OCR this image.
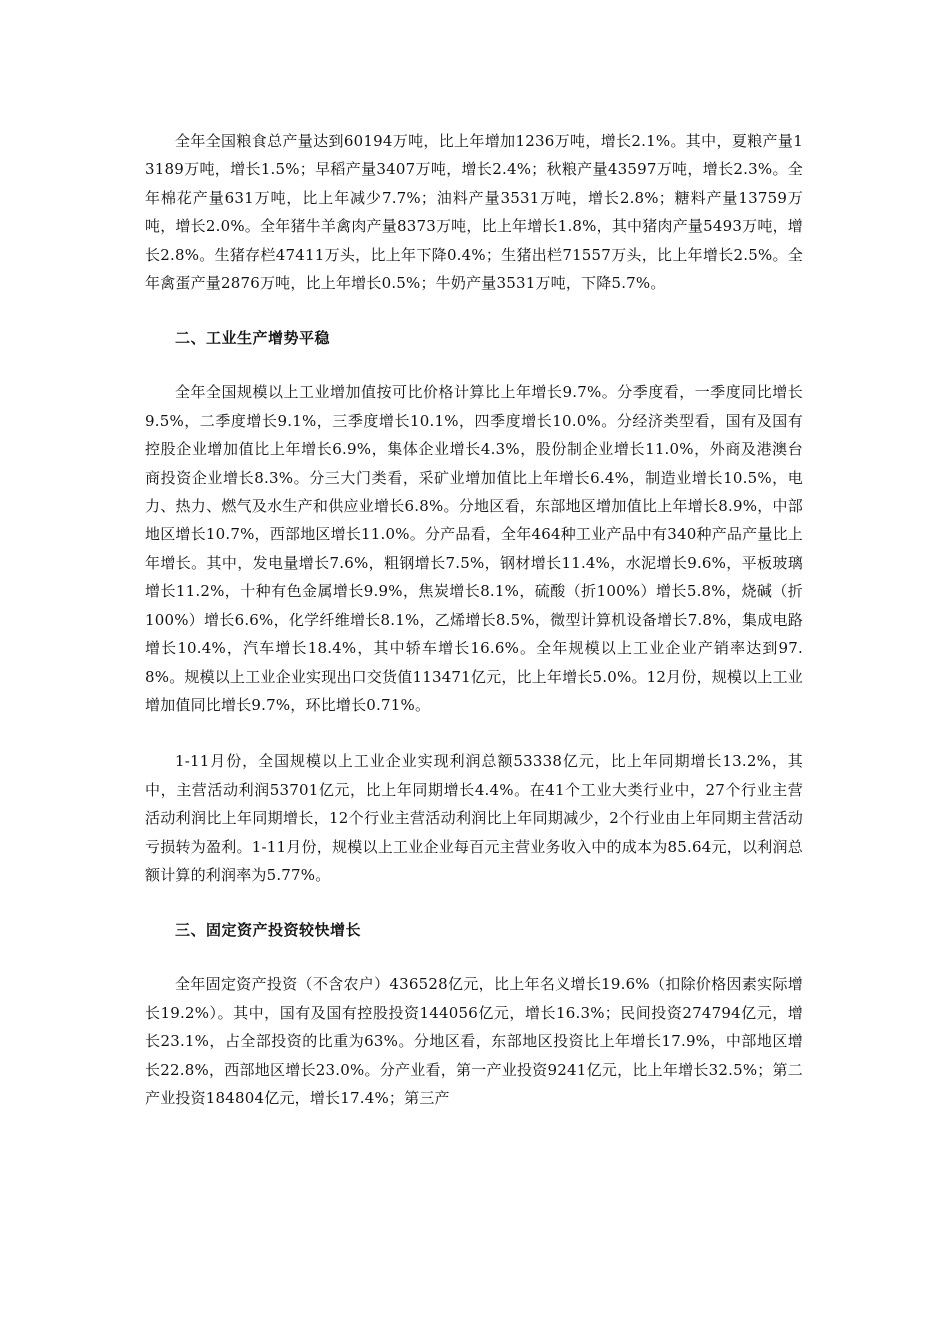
全年全国粮食总产量达到60194万吨，比上年增加1236万吨，增长2.1%。其中，夏粮产量13189万吨，增长1.5%；早稻产量3407万吨，增长2.4%；秋粮产量43597万吨，增长2.3%。全年棉花产量631万吨，比上年减少7.7%；油料产量3531万吨，增长2.8%；糖料产量13759万吨，增长2.0%。全年猪牛羊禽肉产量8373万吨，比上年增长1.8%，其中猪肉产量5493万吨，增长2.8%。生猪存栏47411万头，比上年下降0.4%；生猪出栏71557万头，比上年增长2.5%。全年禽蛋产量2876万吨，比上年增长0.5%；牛奶产量3531万吨，下降5.7%。

二、工业生产增势平稳

全年全国规模以上工业增加值按可比价格计算比上年增长9.7%。分季度看，一季度同比增长9.5%，二季度增长9.1%，三季度增长10.1%，四季度增长10.0%。分经济类型看，国有及国有控股企业增加值比上年增长6.9%，集体企业增长4.3%，股份制企业增长11.0%，外商及港澳台商投资企业增长8.3%。分三大门类看，采矿业增加值比上年增长6.4%，制造业增长10.5%，电力、热力、燃气及水生产和供应业增长6.8%。分地区看，东部地区增加值比上年增长8.9%，中部地区增长10.7%，西部地区增长11.0%。分产品看，全年464种工业产品中有340种产品产量比上年增长。其中，发电量增长7.6%，粗钢增长7.5%，钢材增长11.4%，水泥增长9.6%，平板玻璃增长11.2%，十种有色金属增长9.9%，焦炭增长8.1%，硫酸（折100%）增长5.8%，烧碱（折100%）增长6.6%，化学纤维增长8.1%，乙烯增长8.5%，微型计算机设备增长7.8%，集成电路增长10.4%，汽车增长18.4%，其中轿车增长16.6%。全年规模以上工业企业产销率达到97.8%。规模以上工业企业实现出口交货值113471亿元，比上年增长5.0%。12月份，规模以上工业增加值同比增长9.7%，环比增长0.71%。

1-11月份，全国规模以上工业企业实现利润总额53338亿元，比上年同期增长13.2%，其中，主营活动利润53701亿元，比上年同期增长4.4%。在41个工业大类行业中，27个行业主营活动利润比上年同期增长，12个行业主营活动利润比上年同期减少，2个行业由上年同期主营活动亏损转为盈利。1-11月份，规模以上工业企业每百元主营业务收入中的成本为85.64元，以利润总额计算的利润率为5.77%。

三、固定资产投资较快增长

全年固定资产投资（不含农户）436528亿元，比上年名义增长19.6%（扣除价格因素实际增长19.2%）。其中，国有及国有控股投资144056亿元，增长16.3%；民间投资274794亿元，增长23.1%，占全部投资的比重为63%。分地区看，东部地区投资比上年增长17.9%，中部地区增长22.8%，西部地区增长23.0%。分产业看，第一产业投资9241亿元，比上年增长32.5%；第二产业投资184804亿元，增长17.4%；第三产
